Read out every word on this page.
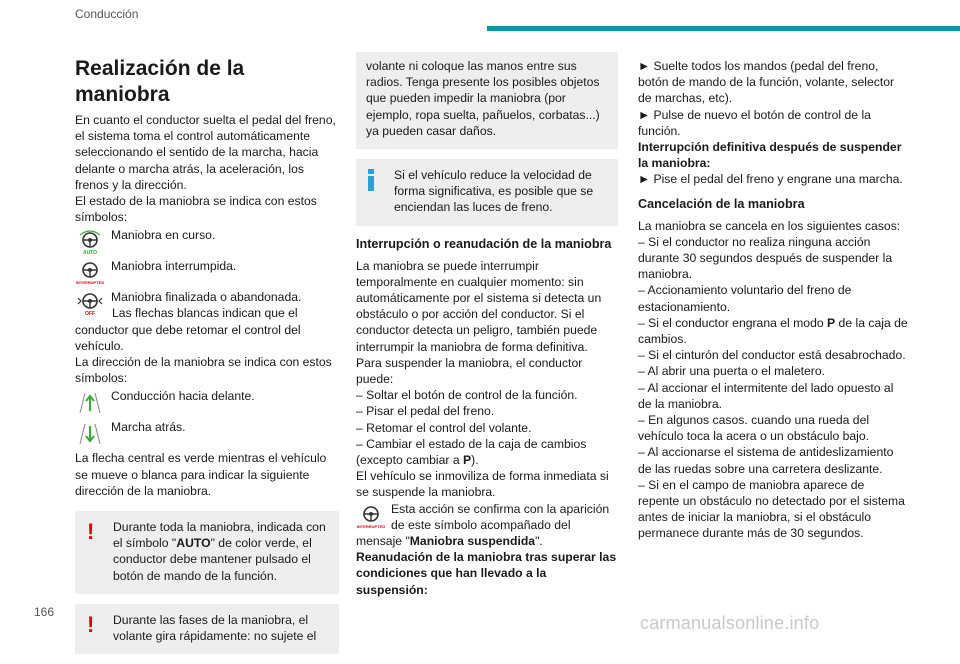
Conducción
Realización de la maniobra

En cuanto el conductor suelta el pedal del freno, el sistema toma el control automáticamente seleccionando el sentido de la marcha, hacia delante o marcha atrás, la aceleración, los frenos y la dirección.

El estado de la maniobra se indica con estos símbolos:

AUTO
Maniobra en curso.
INTERRUPTED
Maniobra interrumpida.
OFF
Maniobra finalizada o abandonada.

Las flechas blancas indican que el conductor que debe retomar el control del vehículo.

La dirección de la maniobra se indica con estos símbolos:

Conducción hacia delante.
Marcha atrás.

La flecha central es verde mientras el vehículo se mueve o blanca para indicar la siguiente dirección de la maniobra.

! Durante toda la maniobra, indicada con el símbolo "AUTO" de color verde, el conductor debe mantener pulsado el botón de mando de la función.
! Durante las fases de la maniobra, el volante gira rápidamente: no sujete el
volante ni coloque las manos entre sus radios. Tenga presente los posibles objetos que pueden impedir la maniobra (por ejemplo, ropa suelta, pañuelos, corbatas...) ya pueden casar daños.
Si el vehículo reduce la velocidad de forma significativa, es posible que se enciendan las luces de freno.
Interrupción o reanudación de la maniobra

La maniobra se puede interrumpir temporalmente en cualquier momento: sin automáticamente por el sistema si detecta un obstáculo o por acción del conductor. Si el conductor detecta un peligro, también puede interrumpir la maniobra de forma definitiva.

Para suspender la maniobra, el conductor puede:

– Soltar el botón de control de la función.

– Pisar el pedal del freno.

– Retomar el control del volante.

– Cambiar el estado de la caja de cambios (excepto cambiar a P).

El vehículo se inmoviliza de forma inmediata si se suspende la maniobra.

INTERRUPTED
Esta acción se confirma con la aparición de este símbolo acompañado del mensaje "Maniobra suspendida".

Reanudación de la maniobra tras superar las condiciones que han llevado a la suspensión:

► Suelte todos los mandos (pedal del freno, botón de mando de la función, volante, selector de marchas, etc).

► Pulse de nuevo el botón de control de la función.

Interrupción definitiva después de suspender la maniobra:

► Pise el pedal del freno y engrane una marcha.

Cancelación de la maniobra

La maniobra se cancela en los siguientes casos:

– Si el conductor no realiza ninguna acción durante 30 segundos después de suspender la maniobra.

– Accionamiento voluntario del freno de estacionamiento.

– Si el conductor engrana el modo P de la caja de cambios.

– Si el cinturón del conductor está desabrochado.

– Al abrir una puerta o el maletero.

– Al accionar el intermitente del lado opuesto al de la maniobra.

– En algunos casos. cuando una rueda del vehículo toca la acera o un obstáculo bajo.

– Al accionarse el sistema de antideslizamiento de las ruedas sobre una carretera deslizante.

– Si en el campo de maniobra aparece de repente un obstáculo no detectado por el sistema antes de iniciar la maniobra, si el obstáculo permanece durante más de 30 segundos.

166
carmanualsonline.info
